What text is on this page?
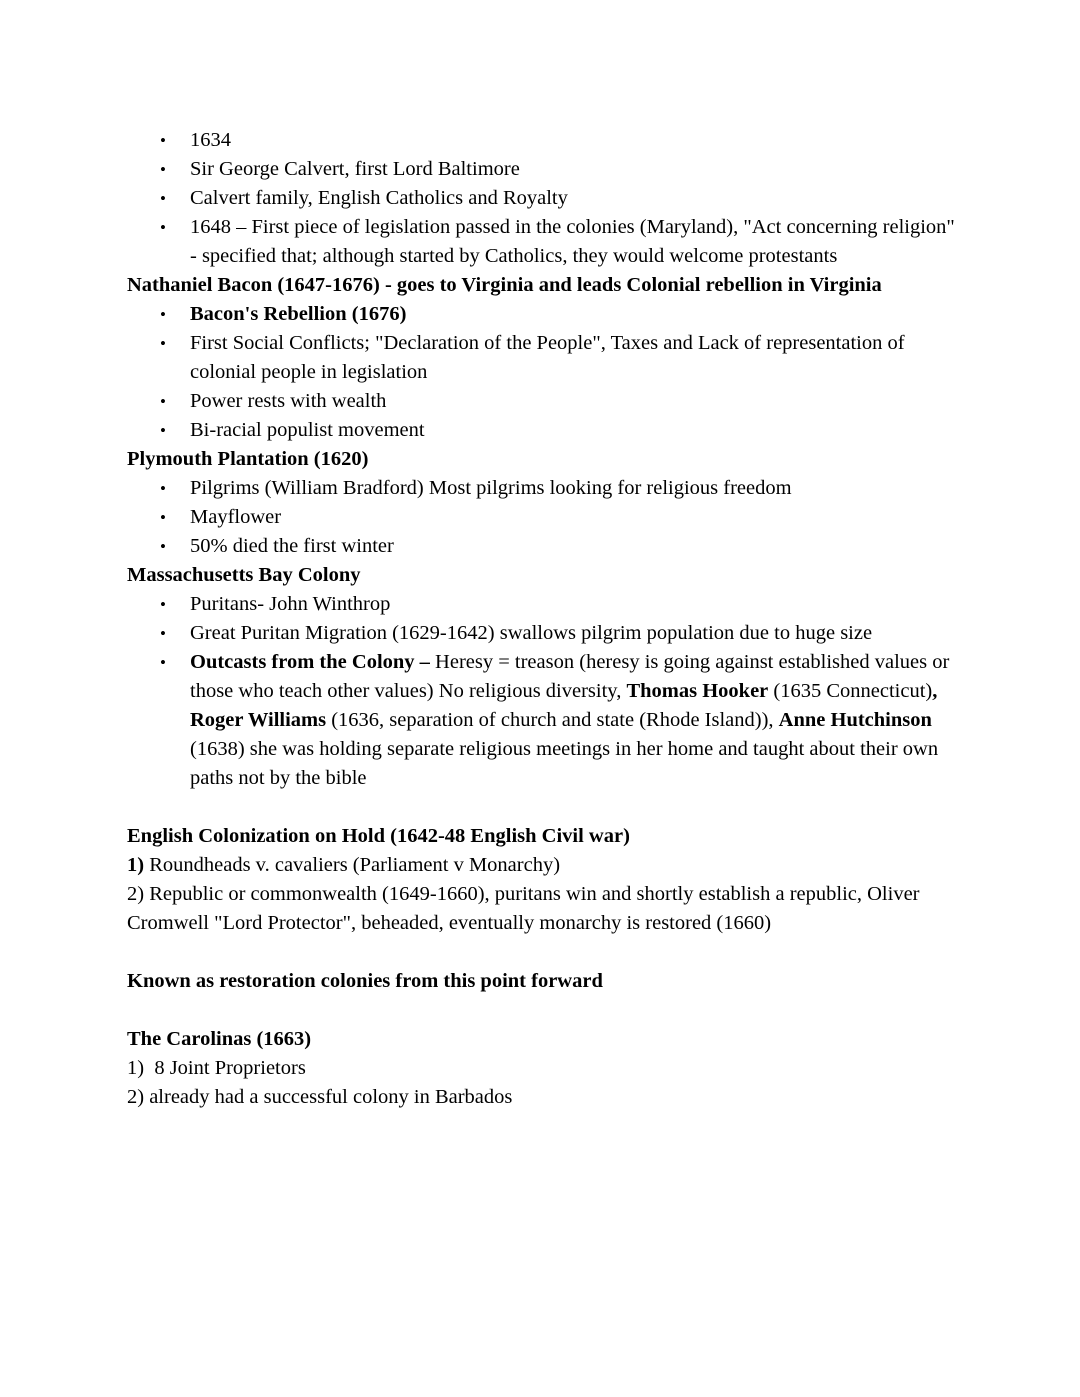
• 1634
• Sir George Calvert, first Lord Baltimore
• Calvert family, English Catholics and Royalty
• 1648 – First piece of legislation passed in the colonies (Maryland), "Act concerning religion" - specified that; although started by Catholics, they would welcome protestants
Nathaniel Bacon (1647-1676) - goes to Virginia and leads Colonial rebellion in Virginia
• Bacon's Rebellion (1676)
• First Social Conflicts; "Declaration of the People", Taxes and Lack of representation of colonial people in legislation
• Power rests with wealth
• Bi-racial populist movement
Plymouth Plantation (1620)
• Pilgrims (William Bradford) Most pilgrims looking for religious freedom
• Mayflower
• 50% died the first winter
Massachusetts Bay Colony
• Puritans- John Winthrop
• Great Puritan Migration (1629-1642) swallows pilgrim population due to huge size
• Outcasts from the Colony – Heresy = treason (heresy is going against established values or those who teach other values) No religious diversity, Thomas Hooker (1635 Connecticut), Roger Williams (1636, separation of church and state (Rhode Island)), Anne Hutchinson (1638) she was holding separate religious meetings in her home and taught about their own paths not by the bible
English Colonization on Hold (1642-48 English Civil war)
1) Roundheads v. cavaliers (Parliament v Monarchy)
2) Republic or commonwealth (1649-1660), puritans win and shortly establish a republic, Oliver Cromwell "Lord Protector", beheaded, eventually monarchy is restored (1660)
Known as restoration colonies from this point forward
The Carolinas (1663)
1)  8 Joint Proprietors
2) already had a successful colony in Barbados
